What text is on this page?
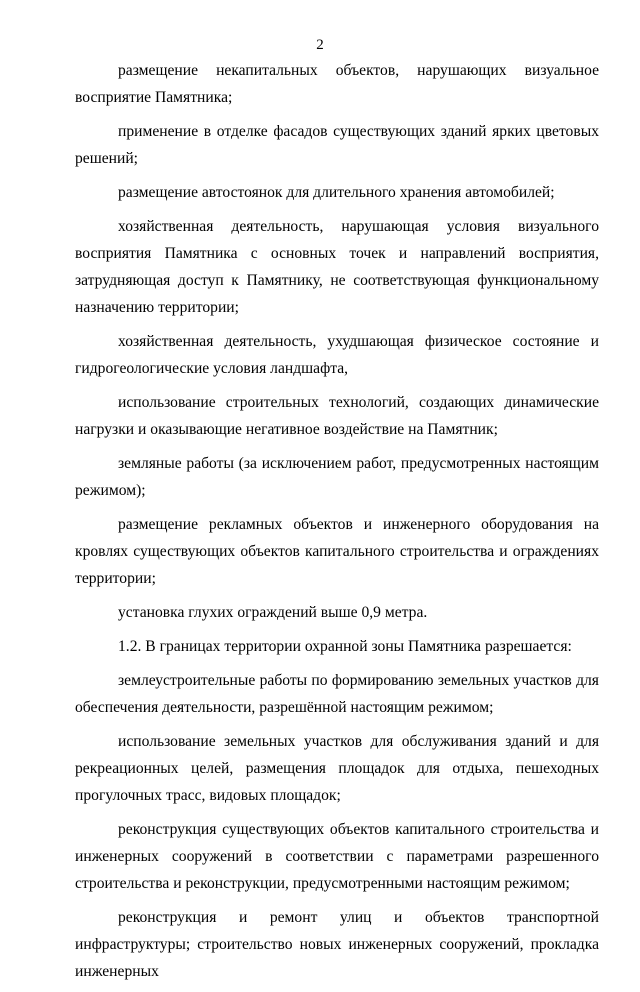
2

размещение некапитальных объектов, нарушающих визуальное восприятие Памятника;

применение в отделке фасадов существующих зданий ярких цветовых решений;

размещение автостоянок для длительного хранения автомобилей;

хозяйственная деятельность, нарушающая условия визуального восприятия Памятника с основных точек и направлений восприятия, затрудняющая доступ к Памятнику, не соответствующая функциональному назначению территории;

хозяйственная деятельность, ухудшающая физическое состояние и гидрогеологические условия ландшафта,

использование строительных технологий, создающих динамические нагрузки и оказывающие негативное воздействие на Памятник;

земляные работы (за исключением работ, предусмотренных настоящим режимом);

размещение рекламных объектов и инженерного оборудования на кровлях существующих объектов капитального строительства и ограждениях территории;

установка глухих ограждений выше 0,9 метра.

1.2. В границах территории охранной зоны Памятника разрешается:

землеустроительные работы по формированию земельных участков для обеспечения деятельности, разрешённой настоящим режимом;

использование земельных участков для обслуживания зданий и для рекреационных целей, размещения площадок для отдыха, пешеходных прогулочных трасс, видовых площадок;

реконструкция существующих объектов капитального строительства и инженерных сооружений в соответствии с параметрами разрешенного строительства и реконструкции, предусмотренными настоящим режимом;

реконструкция и ремонт улиц и объектов транспортной инфраструктуры; строительство новых инженерных сооружений, прокладка инженерных
